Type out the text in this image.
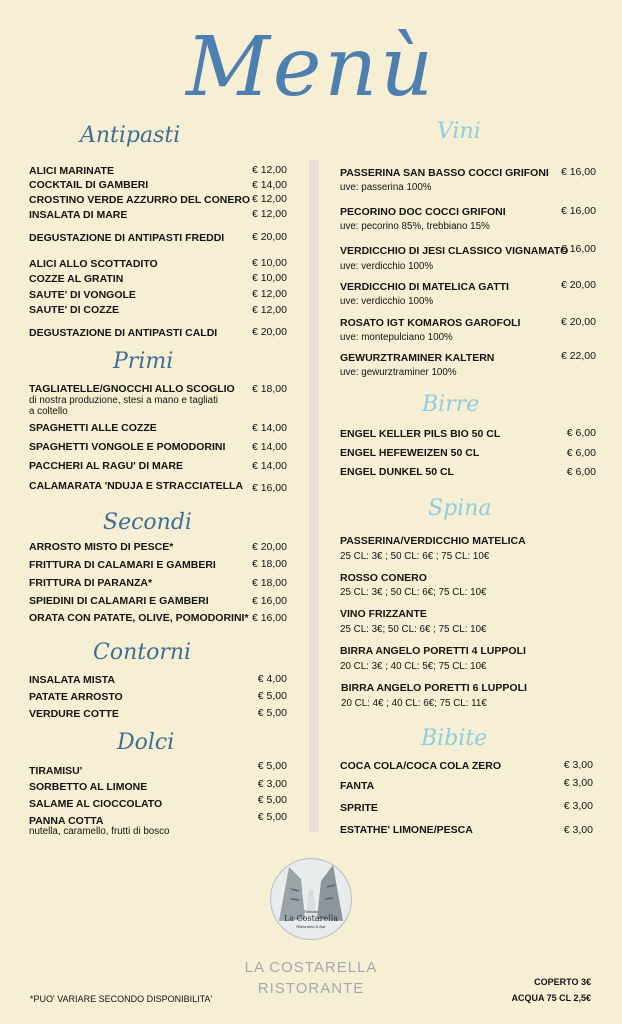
Menù
Antipasti
ALICI MARINATE	€ 12,00
COCKTAIL DI GAMBERI	€ 14,00
CROSTINO VERDE AZZURRO DEL CONERO € 12,00
INSALATA DI MARE	€ 12,00
DEGUSTAZIONE DI ANTIPASTI FREDDI	€ 20,00
ALICI ALLO SCOTTADITO	€ 10,00
COZZE AL GRATIN	€ 10,00
SAUTE' DI VONGOLE	€ 12,00
SAUTE' DI COZZE	€ 12,00
DEGUSTAZIONE DI ANTIPASTI CALDI	€ 20,00
Primi
TAGLIATELLE/GNOCCHI ALLO SCOGLIO	€ 18,00
di nostra produzione, stesi a mano e tagliati
a coltello
SPAGHETTI ALLE COZZE	€ 14,00
SPAGHETTI VONGOLE E POMODORINI	€ 14,00
PACCHERI AL RAGU' DI MARE	€ 14,00
CALAMARATA 'NDUJA E STRACCIATELLA € 16,00
Secondi
ARROSTO MISTO DI PESCE*	€ 20,00
FRITTURA DI CALAMARI E GAMBERI	€ 18,00
FRITTURA DI PARANZA*	€ 18,00
SPIEDINI DI CALAMARI E GAMBERI	€ 16,00
ORATA CON PATATE, OLIVE, POMODORINI* € 16,00
Contorni
INSALATA MISTA	€ 4,00
PATATE ARROSTO	€ 5,00
VERDURE COTTE	€ 5,00
Dolci
TIRAMISU'	€ 5,00
SORBETTO AL LIMONE	€ 3,00
SALAME AL CIOCCOLATO	€ 5,00
PANNA COTTA	€ 5,00
nutella, caramello, frutti di bosco
Vini
PASSERINA SAN BASSO COCCI GRIFONI	€ 16,00
uve: passerina 100%
PECORINO DOC COCCI GRIFONI	€ 16,00
uve: pecorino 85%, trebbiano 15%
VERDICCHIO DI JESI CLASSICO VIGNAMATO
€ 16,00
uve: verdicchio 100%
VERDICCHIO DI MATELICA GATTI	€ 20,00
uve: verdicchio 100%
ROSATO IGT KOMAROS GAROFOLI	€ 20,00
uve: montepulciano 100%
GEWURZTRAMINER KALTERN	€ 22,00
uve: gewurztraminer 100%
Birre
ENGEL KELLER PILS BIO 50 CL	€ 6,00
ENGEL HEFEWEIZEN 50 CL	€ 6,00
ENGEL DUNKEL 50 CL	€ 6,00
Spina
PASSERINA/VERDICCHIO MATELICA
25 CL: 3€ ; 50 CL: 6€ ; 75 CL: 10€
ROSSO CONERO
25 CL: 3€ ; 50 CL: 6€; 75 CL: 10€
VINO FRIZZANTE
25 CL: 3€; 50 CL: 6€ ; 75 CL: 10€
BIRRA ANGELO PORETTI 4 LUPPOLI
20 CL: 3€ ; 40 CL: 5€; 75 CL: 10€
BIRRA ANGELO PORETTI 6 LUPPOLI
20 CL: 4€ ; 40 CL: 6€; 75 CL: 11€
Bibite
COCA COLA/COCA COLA ZERO	€ 3,00
FANTA	€ 3,00
SPRITE	€ 3,00
ESTATHE' LIMONE/PESCA	€ 3,00
Trattoria
La Costarella
Ristorante & Bar
LA COSTARELLA
RISTORANTE
*PUO' VARIARE SECONDO DISPONIBILITA'
COPERTO 3€
ACQUA 75 CL 2,5€
